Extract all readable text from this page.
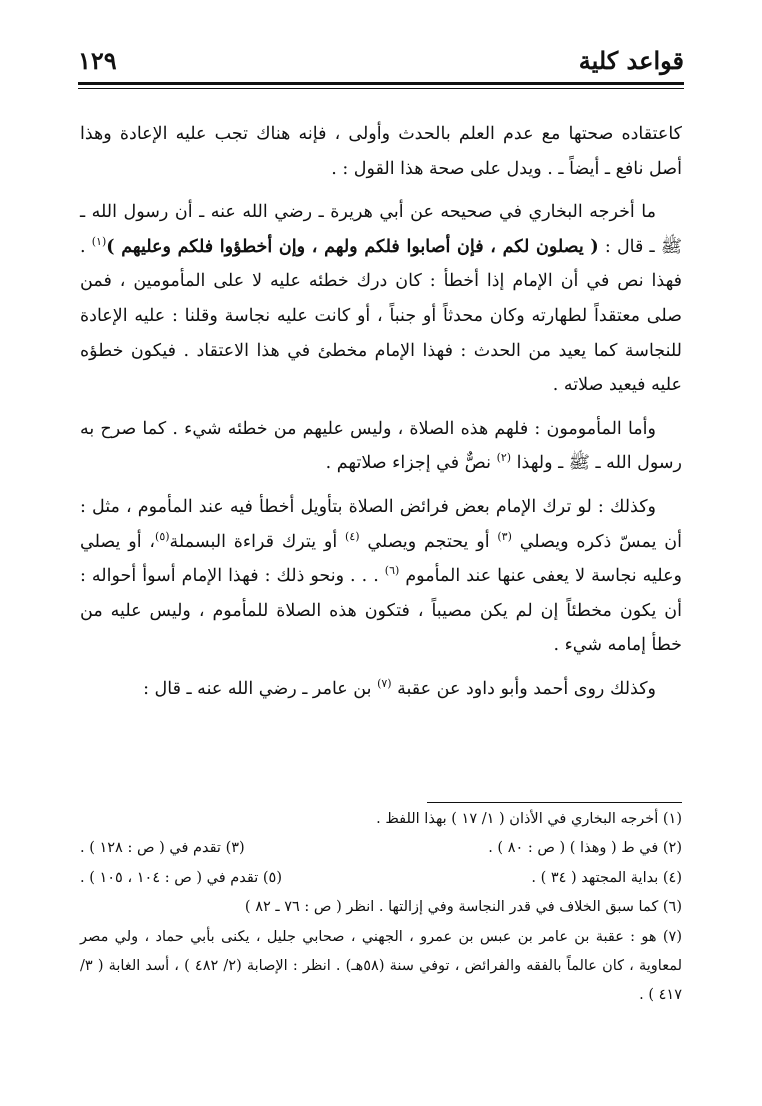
قواعد كلية
١٢٩

كاعتقاده صحتها مع عدم العلم بالحدث وأولى ، فإنه هناك تجب عليه الإعادة وهذا أصل نافع ـ أيضاً ـ . ويدل على صحة هذا القول : .

ما أخرجه البخاري في صحيحه عن أبي هريرة ـ رضي الله عنه ـ أن رسول الله ـ ﷺ ـ قال : ( يصلون لكم ، فإن أصابوا فلكم ولهم ، وإن أخطؤوا فلكم وعليهم )$^{(١)}$ . فهذا نص في أن الإمام إذا أخطأ : كان درك خطئه عليه لا على المأمومين ، فمن صلى معتقداً لطهارته وكان محدثاً أو جنباً ، أو كانت عليه نجاسة وقلنا : عليه الإعادة للنجاسة كما يعيد من الحدث : فهذا الإمام مخطئ في هذا الاعتقاد . فيكون خطؤه عليه فيعيد صلاته .

وأما المأمومون : فلهم هذه الصلاة ، وليس عليهم من خطئه شيء . كما صرح به رسول الله ـ ﷺ ـ ولهذا $^{(٢)}$ نصٌّ في إجزاء صلاتهم .

وكذلك : لو ترك الإمام بعض فرائض الصلاة بتأويل أخطأ فيه عند المأموم ، مثل : أن يمسّ ذكره ويصلي $^{(٣)}$ أو يحتجم ويصلي $^{(٤)}$ أو يترك قراءة البسملة$^{(٥)}$، أو يصلي وعليه نجاسة لا يعفى عنها عند المأموم $^{(٦)}$ . . . ونحو ذلك : فهذا الإمام أسوأ أحواله : أن يكون مخطئاً إن لم يكن مصيباً ، فتكون هذه الصلاة للمأموم ، وليس عليه من خطأ إمامه شيء .

وكذلك روى أحمد وأبو داود عن عقبة $^{(٧)}$ بن عامر ـ رضي الله عنه ـ قال :

(١) أخرجه البخاري في الأذان ( ١/ ١٧ ) بهذا اللفظ .
(٢) في ط ( وهذا ) ( ص : ٨٠ ) .
(٣) تقدم في ( ص : ١٢٨ ) .
(٤) بداية المجتهد ( ٣٤ ) .
(٥) تقدم في ( ص : ١٠٤ ، ١٠٥ ) .
(٦) كما سبق الخلاف في قدر النجاسة وفي إزالتها . انظر ( ص : ٧٦ ـ ٨٢ )
(٧) هو : عقبة بن عامر بن عبس بن عمرو ، الجهني ، صحابي جليل ، يكنى بأبي حماد ، ولي مصر لمعاوية ، كان عالماً بالفقه والفرائض ، توفي سنة (٥٨هـ) . انظر : الإصابة (٢/ ٤٨٢ ) ، أسد الغابة ( ٣/ ٤١٧ ) .
